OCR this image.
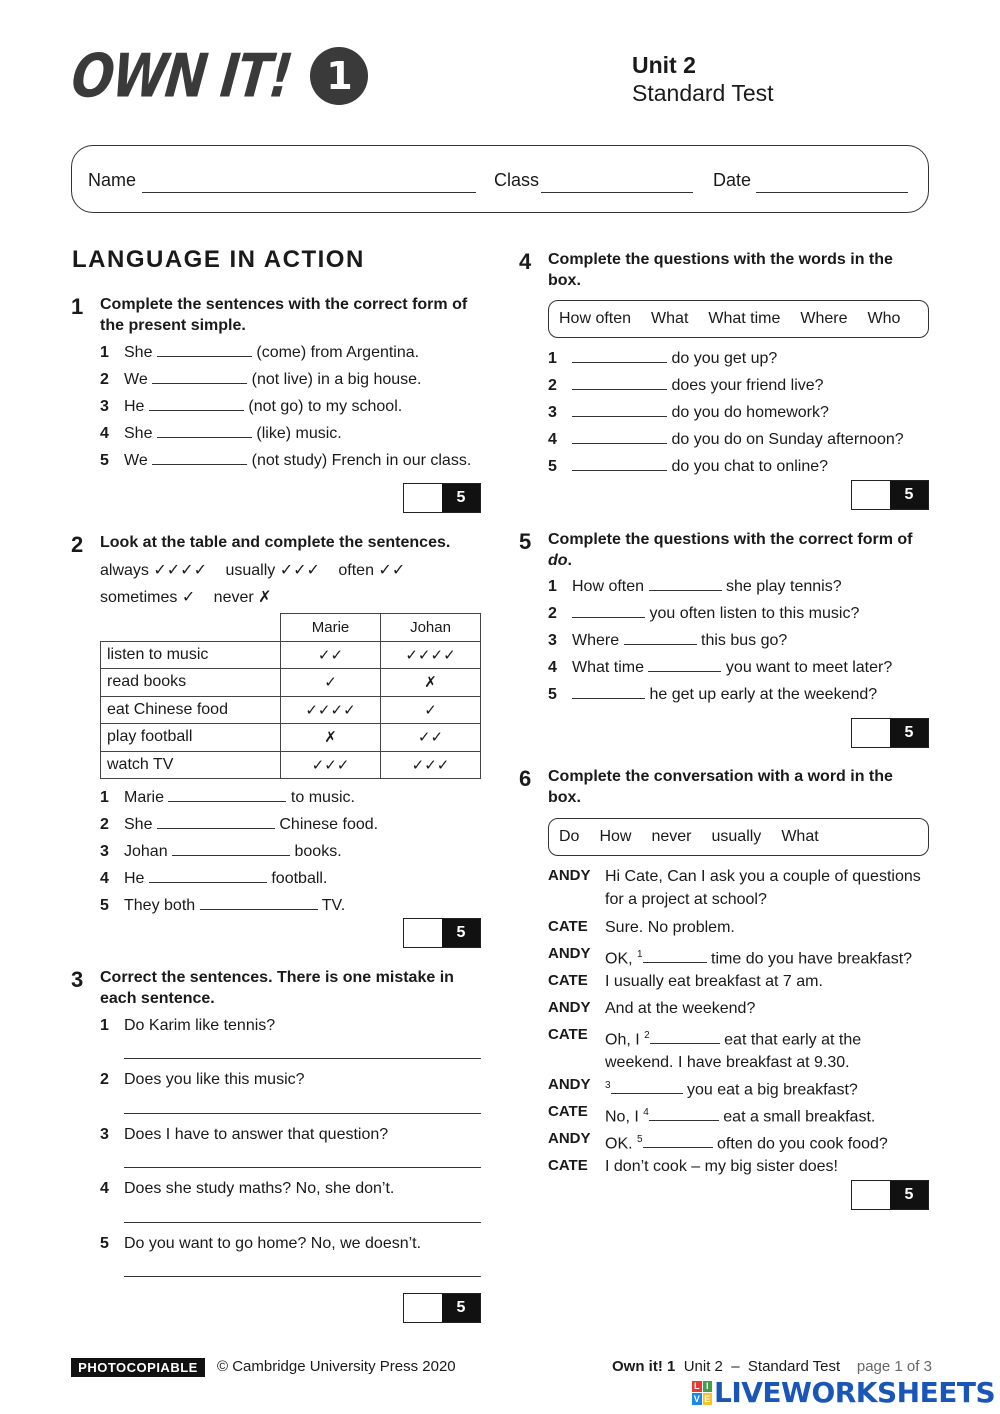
OWN IT! 1	Unit 2
Standard Test
Name	Class	Date
LANGUAGE IN ACTION
1 Complete the sentences with the correct form of the present simple.
1 She	(come) from Argentina.
2 We	(not live) in a big house.
3 He	(not go) to my school.
4 She	(like) music.
5 We	(not study) French in our class.
5
2 Look at the table and complete the sentences.
always ✓✓✓✓ usually ✓✓✓ often ✓✓
sometimes ✓ never ✗
	Marie	Johan
listen to music	✓✓	✓✓✓✓
read books	✓	✗
eat Chinese food	✓✓✓✓	✓
play football	✗	✓✓
watch TV	✓✓✓	✓✓✓
1 Marie	to music.
2 She	Chinese food.
3 Johan	books.
4 He	football.
5 They both	TV.
5
3 Correct the sentences. There is one mistake in each sentence.
1 Do Karim like tennis?
2 Does you like this music?
3 Does I have to answer that question?
4 Does she study maths? No, she don’t.
5 Do you want to go home? No, we doesn’t.
5
4 Complete the questions with the words in the box.
How often What What time Where Who
1	do you get up?
2	does your friend live?
3	do you do homework?
4	do you do on Sunday afternoon?
5	do you chat to online?
5
5 Complete the questions with the correct form of do.
1 How often	she play tennis?
2	you often listen to this music?
3 Where	this bus go?
4 What time	you want to meet later?
5	he get up early at the weekend?
5
6 Complete the conversation with a word in the box.
Do How never usually What
ANDY Hi Cate, Can I ask you a couple of questions
for a project at school?
CATE Sure. No problem.
ANDY OK, $^1$	time do you have breakfast?
CATE I usually eat breakfast at 7 am.
ANDY And at the weekend?
CATE Oh, I $^2$	eat that early at the
weekend. I have breakfast at 9.30.
ANDY $^3$	you eat a big breakfast?
CATE No, I $^4$	eat a small breakfast.
ANDY OK. $^5$	often do you cook food?
CATE I don’t cook – my big sister does!
5
PHOTOCOPIABLE	© Cambridge University Press 2020	Own it! 1 Unit 2 – Standard Test page 1 of 3
L I
V E LIVEWORKSHEETS
